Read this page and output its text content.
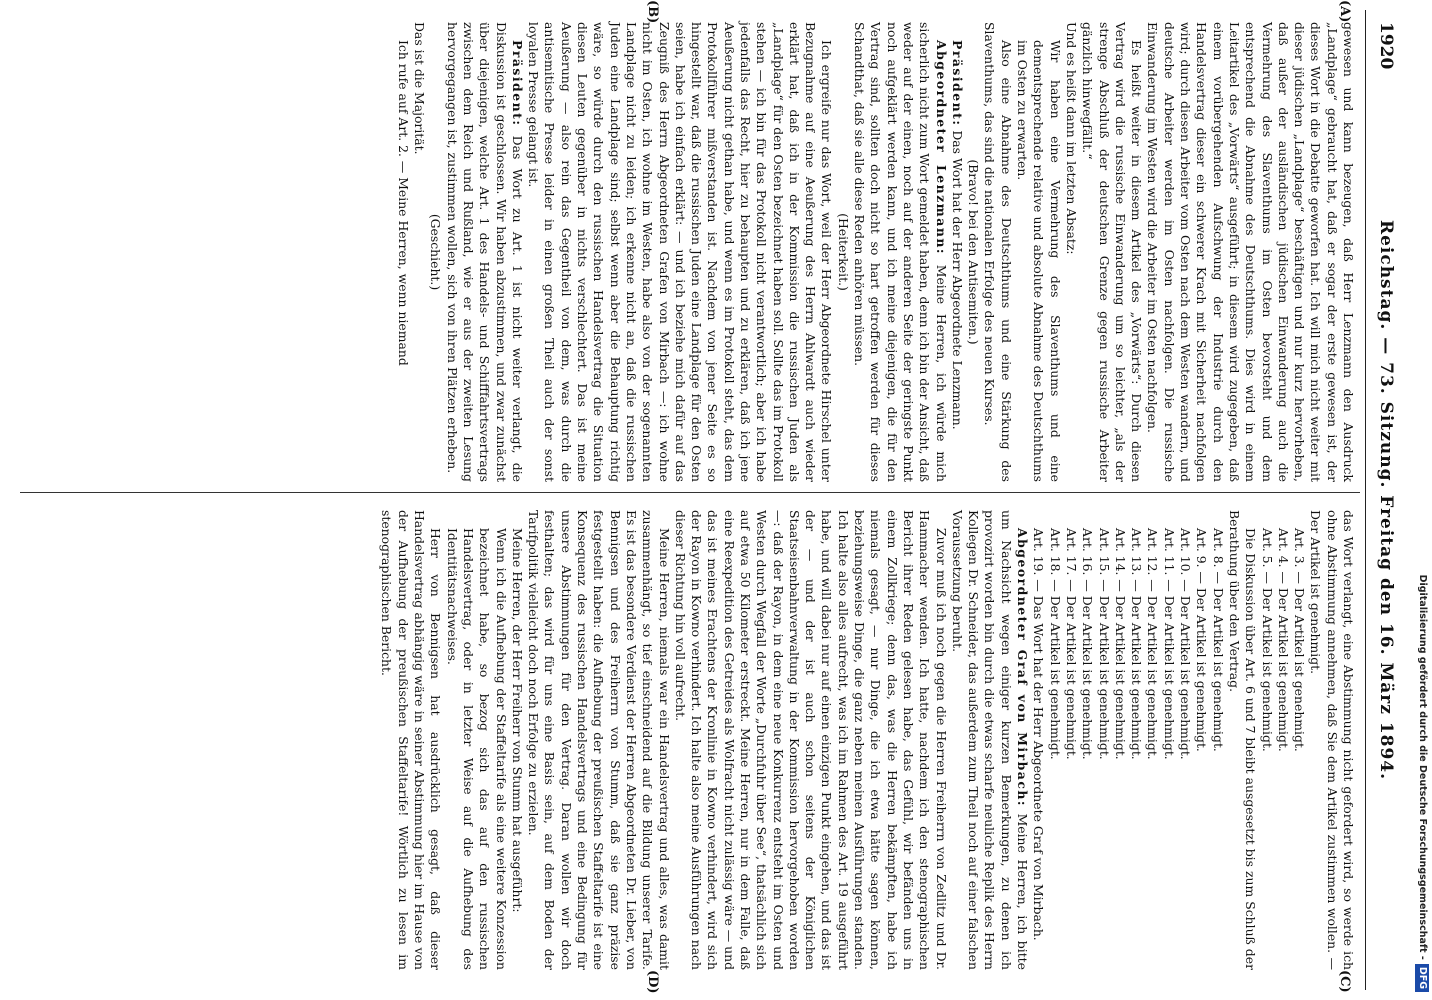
1920
Reichstag. — 73. Sitzung. Freitag den 16. März 1894.
(A)
(B)
(C)
(D)

gewesen und kann bezeugen, daß Herr Lenzmann den Ausdruck „Landplage“ gebraucht hat, daß er sogar der erste gewesen ist, der dieses Wort in die Debatte geworfen hat. Ich will mich nicht weiter mit dieser jüdischen „Landplage“ beschäftigen und nur kurz hervorheben, daß außer der ausländischen jüdischen Einwanderung auch die Vermehrung des Slaventhums im Osten bevorsteht und dem entsprechend die Abnahme des Deutschthums. Dies wird in einem Leitartikel des „Vorwärts“ ausgeführt; in diesem wird zugegeben, daß einem vorübergehenden Aufschwung der Industrie durch den Handelsvertrag dieser ein schwerer Krach mit Sicherheit nachfolgen wird; durch diesen Arbeiter vom Osten nach dem Westen wandern, und deutsche Arbeiter werden im Osten nachfolgen. Die russische Einwanderung im Westen wird die Arbeiter im Osten nachfolgen.

Es heißt weiter in diesem Artikel des „Vorwärts“: Durch diesen Vertrag wird die russische Einwanderung um so leichter, „als der strenge Abschluß der deutschen Grenze gegen russische Arbeiter gänzlich hinwegfällt.“

Und es heißt dann im letzten Absatz:

Wir haben eine Vermehrung des Slaventhums und eine dementsprechende relative und absolute Abnahme des Deutschthums im Osten zu erwarten.

Also eine Abnahme des Deutschthums und eine Stärkung des Slaventhums, das sind die nationalen Erfolge des neuen Kurses.

(Bravo! bei den Antisemiten.)

Präsident: Das Wort hat der Herr Abgeordnete Lenzmann.

Abgeordneter Lenzmann: Meine Herren, ich würde mich sicherlich nicht zum Wort gemeldet haben, denn ich bin der Ansicht, daß weder auf der einen, noch auf der anderen Seite der geringste Punkt noch aufgeklärt werden kann, und ich meine diejenigen, die für den Vertrag sind, sollten doch nicht so hart getroffen werden für dieses Schandthat, daß sie alle diese Reden anhören müssen.

(Heiterkeit.)

Ich ergreife nur das Wort, weil der Herr Abgeordnete Hirschel unter Bezugnahme auf eine Aeußerung des Herrn Ahlwardt auch wieder erklärt hat, daß ich in der Kommission die russischen Juden als „Landplage“ für den Osten bezeichnet haben soll. Sollte das im Protokoll stehen — ich bin für das Protokoll nicht verantwortlich; aber ich habe jedenfalls das Recht, hier zu behaupten und zu erklären, daß ich jene Aeußerung nicht gethan habe, und wenn es im Protokoll steht, das dem Protokollführer mißverstanden ist. Nachdem von jener Seite es so hingestellt war, daß die russischen Juden eine Landplage für den Osten seien, habe ich einfach erklärt: — und ich beziehe mich dafür auf das Zeugniß des Herrn Abgeordneten Grafen von Mirbach —: ich wohne nicht im Osten, ich wohne im Westen, habe also von der sogenannten Landplage nicht zu leiden; ich erkenne nicht an, daß die russischen Juden eine Landplage sind; selbst wenn aber die Behauptung richtig wäre, so würde durch den russischen Handelsvertrag die Situation diesen Leuten gegenüber in nichts verschlechtert. Das ist meine Aeußerung — also rein das Gegentheil von dem, was durch die antisemitische Presse leider in einen großen Theil auch der sonst loyalen Presse gelangt ist.

Präsident: Das Wort zu Art. 1 ist nicht weiter verlangt, die Diskussion ist geschlossen. Wir haben abzustimmen, und zwar zunächst über diejenigen, welche Art. 1 des Handels- und Schifffahrtsvertrags zwischen dem Reich und Rußland, wie er aus der zweiten Lesung hervorgegangen ist, zustimmen wollen, sich von ihren Plätzen erheben.

(Geschieht.)

Das ist die Majorität.

Ich rufe auf Art. 2. — Meine Herren, wenn niemand

das Wort verlangt, eine Abstimmung nicht gefordert wird, so werde ich ohne Abstimmung annehmen, daß Sie dem Artikel zustimmen wollen. — Der Artikel ist genehmigt.

Art. 3. — Der Artikel ist genehmigt.

Art. 4. — Der Artikel ist genehmigt.

Art. 5. — Der Artikel ist genehmigt.

Die Diskussion über Art. 6 und 7 bleibt ausgesetzt bis zum Schluß der Berathung über den Vertrag.

Art. 8. — Der Artikel ist genehmigt.

Art. 9. — Der Artikel ist genehmigt.

Art. 10. — Der Artikel ist genehmigt.

Art. 11. — Der Artikel ist genehmigt.

Art. 12. — Der Artikel ist genehmigt.

Art. 13. — Der Artikel ist genehmigt.

Art. 14. — Der Artikel ist genehmigt.

Art. 15. — Der Artikel ist genehmigt.

Art. 16. — Der Artikel ist genehmigt.

Art. 17. — Der Artikel ist genehmigt.

Art. 18. — Der Artikel ist genehmigt.

Art. 19. — Das Wort hat der Herr Abgeordnete Graf von Mirbach.

Abgeordneter Graf von Mirbach: Meine Herren, ich bitte um Nachsicht wegen einiger kurzen Bemerkungen, zu denen ich provozirt worden bin durch die etwas scharfe neuliche Replik des Herrn Kollegen Dr. Schneider, das außerdem zum Theil noch auf einer falschen Voraussetzung beruht.

Zuvor muß ich noch gegen die Herren Freiherrn von Zedlitz und Dr. Hammacher wenden. Ich hatte, nachdem ich den stenographischen Bericht ihrer Reden gelesen habe, das Gefühl, wir befänden uns in einem Zollkriege; denn das, was die Herren bekämpften, habe ich niemals gesagt, — nur Dinge, die ich etwa hätte sagen können, beziehungsweise Dinge, die ganz neben meinen Ausführungen standen. Ich halte also alles aufrecht, was ich im Rahmen des Art. 19 ausgeführt habe, und will dabei nur auf einen einzigen Punkt eingehen, und das ist der — und der ist auch schon seitens der Königlichen Staatseisenbahnverwaltung in der Kommission hervorgehoben worden —: daß der Rayon, in dem eine neue Konkurrenz entsteht im Osten und Westen durch Wegfall der Worte „Durchfuhr über See“, thatsächlich sich auf etwa 50 Kilometer erstreckt. Meine Herren, nur in dem Falle, daß eine Reexpedition des Getreides als Wolfracht nicht zulässig wäre — und das ist meines Erachtens der Kronlinie in Kowno verhindert, wird sich der Rayon in Kowno verhindert. Ich halte also meine Ausführungen nach dieser Richtung hin voll aufrecht.

Meine Herren, niemals war ein Handelsvertrag und alles, was damit zusammenhängt, so tief einschneidend auf die Bildung unserer Tarife. Es ist das besondere Verdienst der Herren Abgeordneten Dr. Lieber, von Bennigsen und des Freiherrn von Stumm, daß sie ganz präzise festgestellt haben: die Aufhebung der preußischen Staffeltarife ist eine Konsequenz des russischen Handelsvertrags und eine Bedingung für unsere Abstimmungen für den Vertrag. Daran wollen wir doch festhalten; das wird für uns eine Basis sein, auf dem Boden der Tarifpolitik vielleicht doch noch Erfolge zu erzielen.

Meine Herren, der Herr Freiherr von Stumm hat ausgeführt:

Wenn ich die Aufhebung der Staffeltarife als eine weitere Konzession bezeichnet habe, so bezog sich das auf den russischen Handelsvertrag, oder in letzter Weise auf die Aufhebung des Identitätsnachweises.

Herr von Bennigsen hat ausdrücklich gesagt, daß dieser Handelsvertrag abhängig wäre in seiner Abstimmung hier im Hause von der Aufhebung der preußischen Staffeltarife! Wörtlich zu lesen im stenographischen Bericht.	Digitalisierung gefördert durch die Deutsche Forschungsgemeinschaft -DFG
